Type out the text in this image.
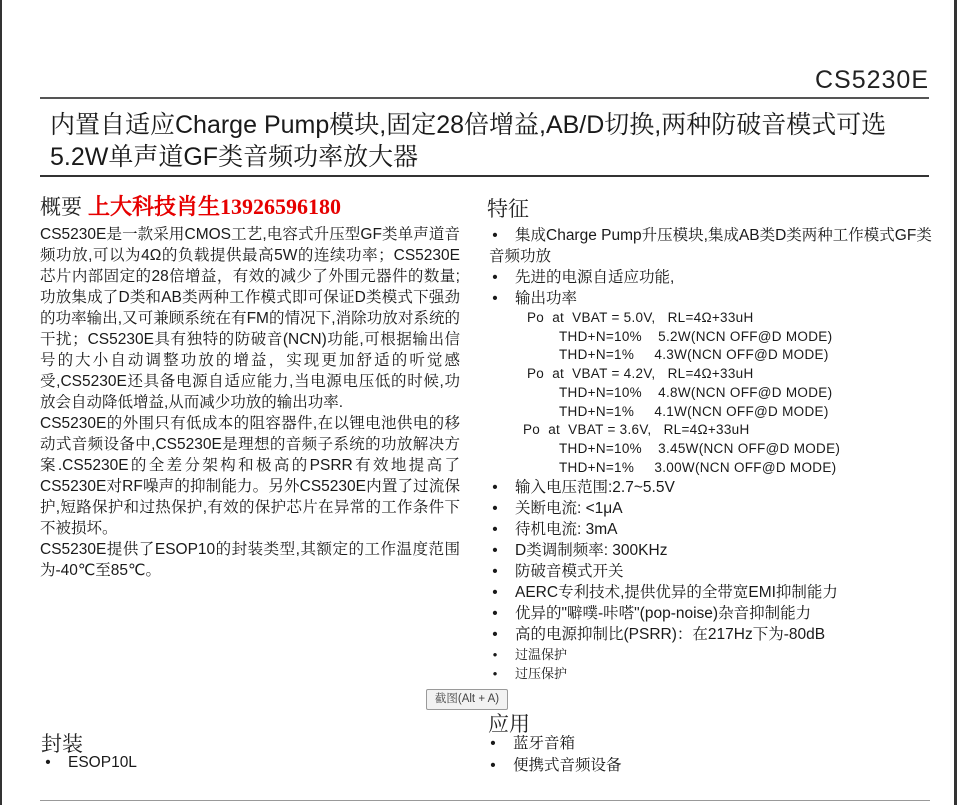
CS5230E
内置自适应Charge Pump模块,固定28倍增益,AB/D切换,两种防破音模式可选
5.2W单声道GF类音频功率放大器
概要 上大科技肖生13926596180

CS5230E是一款采用CMOS工艺,电容式升压型GF类单声道音频功放,可以为4Ω的负载提供最高5W的连续功率；CS5230E芯片内部固定的28倍增益，有效的减少了外围元器件的数量;功放集成了D类和AB类两种工作模式即可保证D类模式下强劲的功率输出,又可兼顾系统在有FM的情况下,消除功放对系统的干扰；CS5230E具有独特的防破音(NCN)功能,可根据输出信号的大小自动调整功放的增益，实现更加舒适的听觉感受,CS5230E还具备电源自适应能力,当电源电压低的时候,功放会自动降低增益,从而减少功放的输出功率.

CS5230E的外围只有低成本的阻容器件,在以锂电池供电的移动式音频设备中,CS5230E是理想的音频子系统的功放解决方案.CS5230E的全差分架构和极高的PSRR有效地提高了CS5230E对RF噪声的抑制能力。另外CS5230E内置了过流保护,短路保护和过热保护,有效的保护芯片在异常的工作条件下不被损坏。

CS5230E提供了ESOP10的封装类型,其额定的工作温度范围为-40℃至85℃。

特征
• 集成Charge Pump升压模块,集成AB类D类两种工作模式GF类音频功放
• 先进的电源自适应功能,
• 输出功率
Po  at  VBAT = 5.0V,   RL=4Ω+33uH
THD+N=10%    5.2W(NCN OFF@D MODE)
THD+N=1%     4.3W(NCN OFF@D MODE)
Po  at  VBAT = 4.2V,   RL=4Ω+33uH
THD+N=10%    4.8W(NCN OFF@D MODE)
THD+N=1%     4.1W(NCN OFF@D MODE)
Po  at  VBAT = 3.6V,   RL=4Ω+33uH
THD+N=10%    3.45W(NCN OFF@D MODE)
THD+N=1%     3.00W(NCN OFF@D MODE)
• 输入电压范围:2.7~5.5V
• 关断电流: <1μA
• 待机电流: 3mA
• D类调制频率: 300KHz
• 防破音模式开关
• AERC专利技术,提供优异的全带宽EMI抑制能力
• 优异的"噼噗-咔嗒"(pop-noise)杂音抑制能力
• 高的电源抑制比(PSRR)：在217Hz下为-80dB
• 过温保护
• 过压保护
截图(Alt + A)
封装
• ESOP10L
应用
• 蓝牙音箱
• 便携式音频设备
